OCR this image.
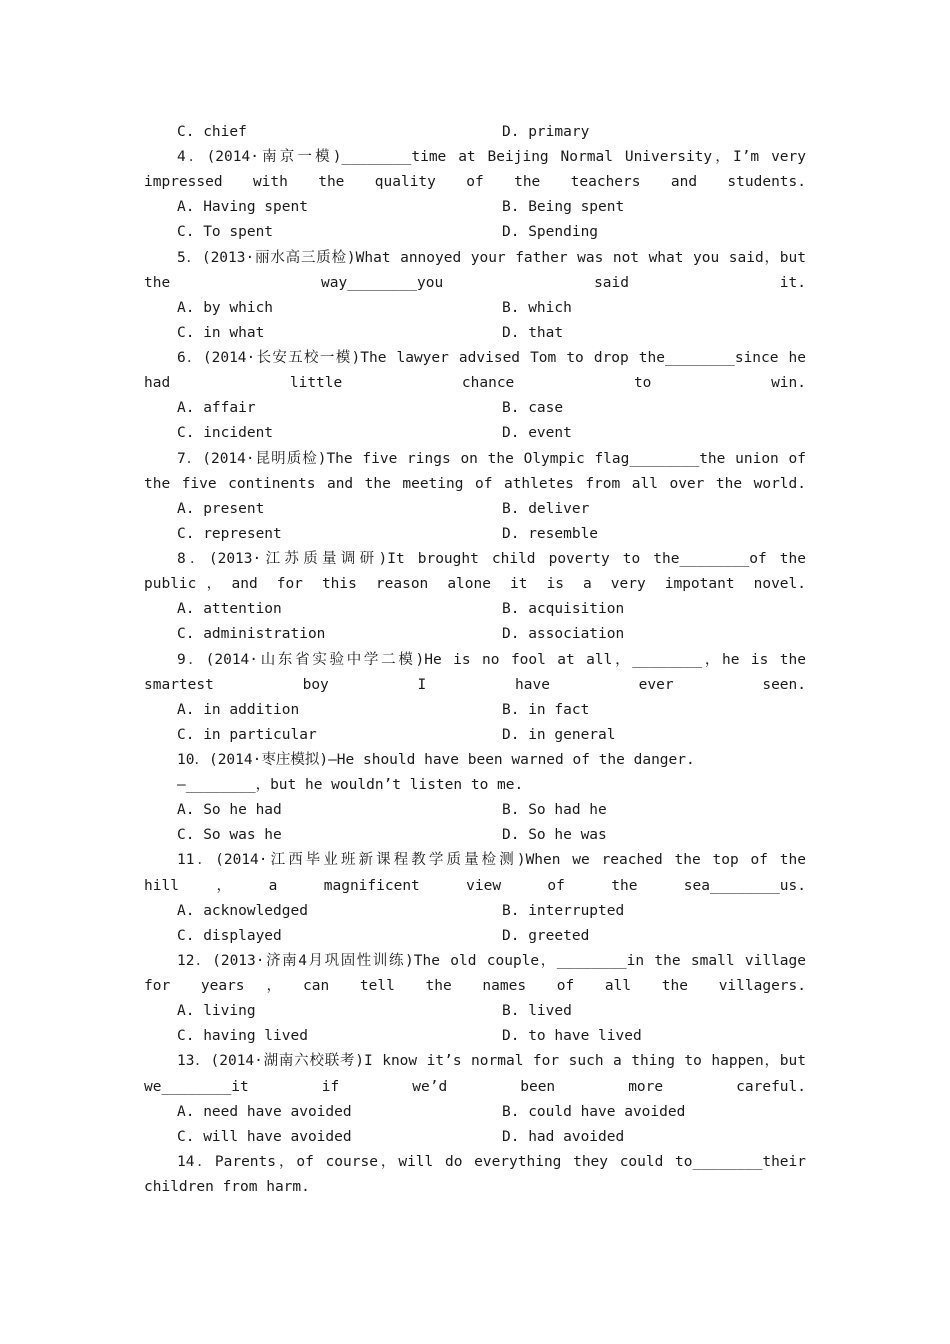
C. chief	D. primary
4．(2014·南京一模)________time at Beijing Normal University，I’m very
impressed with the quality of the teachers and students.
A. Having spent	B. Being spent
C. To spent	D. Spending
5．(2013·丽水高三质检)What annoyed your father was not what you said，but
the way________you said it.
A. by which	B. which
C. in what	D. that
6．(2014·长安五校一模)The lawyer advised Tom to drop the________since he
had little chance to win.
A. affair	B. case
C. incident	D. event
7．(2014·昆明质检)The five rings on the Olympic flag________the union of
the five continents and the meeting of athletes from all over the world.
A. present	B. deliver
C. represent	D. resemble
8．(2013·江苏质量调研)It brought child poverty to the________of the
public，and for this reason alone it is a very impotant novel.
A. attention	B. acquisition
C. administration	D. association
9．(2014·山东省实验中学二模)He is no fool at all，________，he is the
smartest boy I have ever seen.
A. in addition	B. in fact
C. in particular	D. in general
10．(2014·枣庄模拟)—He should have been warned of the danger.
—________，but he wouldn’t listen to me.
A. So he had	B. So had he
C. So was he	D. So he was
11．(2014·江西毕业班新课程教学质量检测)When we reached the top of the
hill，a magnificent view of the sea________us.
A. acknowledged	B. interrupted
C. displayed	D. greeted
12．(2013·济南4月巩固性训练)The old couple，________in the small village
for years，can tell the names of all the villagers.
A. living	B. lived
C. having lived	D. to have lived
13．(2014·湖南六校联考)I know it’s normal for such a thing to happen，but
we________it if we’d been more careful.
A. need have avoided	B. could have avoided
C. will have avoided	D. had avoided
14．Parents，of course，will do everything they could to________their
children from harm.
